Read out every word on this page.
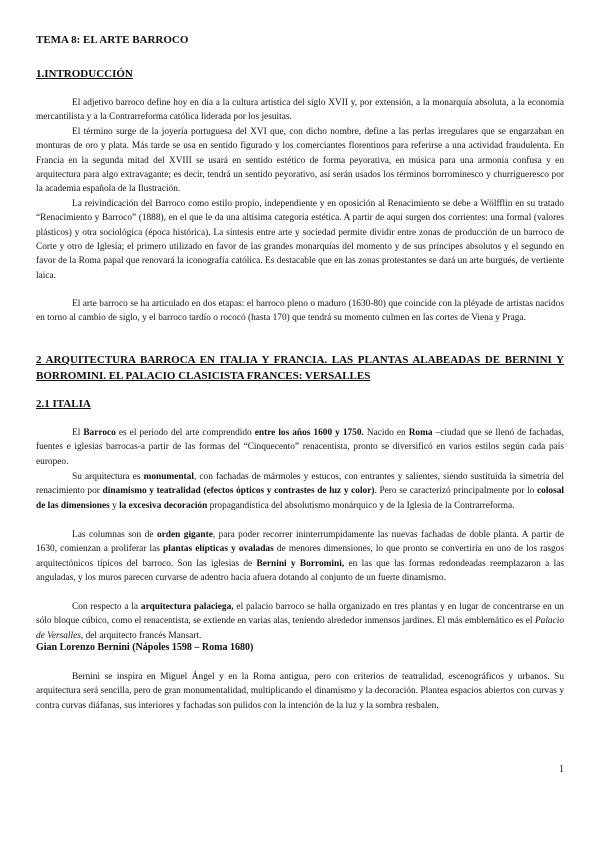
TEMA 8: EL ARTE BARROCO
1.INTRODUCCIÓN

El adjetivo barroco define hoy en día a la cultura artística del siglo XVII y, por extensión, a la monarquía absoluta, a la economía mercantilista y a la Contrarreforma católica liderada por los jesuitas.

El término surge de la joyería portuguesa del XVI que, con dicho nombre, define a las perlas irregulares que se engarzaban en monturas de oro y plata. Más tarde se usa en sentido figurado y los comerciantes florentinos para referirse a una actividad fraudulenta. En Francia en la segunda mitad del XVIII se usará en sentido estético de forma peyorativa, en música para una armonía confusa y en arquitectura para algo extravagante; es decir, tendrá un sentido peyorativo, así serán usados los términos borrominesco y churrigueresco por la academia española de la Ilustración.

La reivindicación del Barroco como estilo propio, independiente y en oposición al Renacimiento se debe a Wölfflin en su tratado “Renacimiento y Barroco” (1888), en el que le da una altísima categoría estética. A partir de aquí surgen dos corrientes: una formal (valores plásticos) y otra sociológica (época histórica). La síntesis entre arte y sociedad permite dividir entre zonas de producción de un barroco de Corte y otro de Iglesia; el primero utilizado en favor de las grandes monarquías del momento y de sus príncipes absolutos y el segundo en favor de la Roma papal que renovará la iconografía católica. Es destacable que en las zonas protestantes se dará un arte burgués, de vertiente laica.

El arte barroco se ha articulado en dos etapas: el barroco pleno o maduro (1630-80) que coincide con la pléyade de artistas nacidos en torno al cambio de siglo, y el barroco tardío o rococó (hasta 170) que tendrá su momento culmen en las cortes de Viena y Praga.

2 ARQUITECTURA BARROCA EN ITALIA Y FRANCIA. LAS PLANTAS ALABEADAS DE BERNINI Y BORROMINI. EL PALACIO CLASICISTA FRANCES: VERSALLES
2.1 ITALIA

El Barroco es el período del arte comprendido entre los años 1600 y 1750. Nacido en Roma –ciudad que se llenó de fachadas, fuentes e iglesias barrocas-a partir de las formas del “Cinquecento” renacentista, pronto se diversificó en varios estilos según cada país europeo.

Su arquitectura es monumental, con fachadas de mármoles y estucos, con entrantes y salientes, siendo sustituida la simetría del renacimiento por dinamismo y teatralidad (efectos ópticos y contrastes de luz y color). Pero se caracterizó principalmente por lo colosal de las dimensiones y la excesiva decoración propagandística del absolutismo monárquico y de la Iglesia de la Contrarreforma.

Las columnas son de orden gigante, para poder recorrer ininterrumpidamente las nuevas fachadas de doble planta. A partir de 1630, comienzan a proliferar las plantas elípticas y ovaladas de menores dimensiones, lo que pronto se convertiría en uno de los rasgos arquitectónicos típicos del barroco. Son las iglesias de Bernini y Borromini, en las que las formas redondeadas reemplazaron a las anguladas, y los muros parecen curvarse de adentro hacia afuera dotando al conjunto de un fuerte dinamismo.

Con respecto a la arquitectura palaciega, el palacio barroco se halla organizado en tres plantas y en lugar de concentrarse en un sólo bloque cúbico, como el renacentista, se extiende en varias alas, teniendo alrededor inmensos jardines. El más emblemático es el Palacio de Versalles, del arquitecto francés Mansart.

Gian Lorenzo Bernini (Nápoles 1598 – Roma 1680)

Bernini se inspira en Miguel Ángel y en la Roma antigua, pero con criterios de teatralidad, escenográficos y urbanos. Su arquitectura será sencilla, pero de gran monumentalidad, multiplicando el dinamismo y la decoración. Plantea espacios abiertos con curvas y contra curvas diáfanas, sus interiores y fachadas son pulidos con la intención de la luz y la sombra resbalen.

1
